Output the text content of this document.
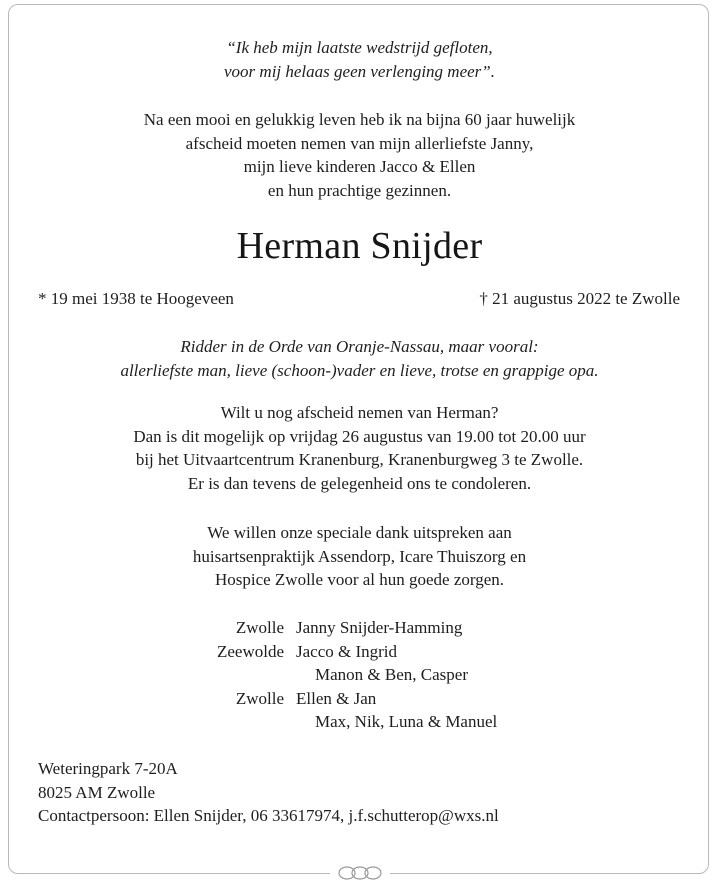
“Ik heb mijn laatste wedstrijd gefloten,
voor mij helaas geen verlenging meer”.
Na een mooi en gelukkig leven heb ik na bijna 60 jaar huwelijk
afscheid moeten nemen van mijn allerliefste Janny,
mijn lieve kinderen Jacco & Ellen
en hun prachtige gezinnen.
Herman Snijder
* 19 mei 1938 te Hoogeveen	† 21 augustus 2022 te Zwolle
Ridder in de Orde van Oranje-Nassau, maar vooral:
allerliefste man, lieve (schoon-)vader en lieve, trotse en grappige opa.
Wilt u nog afscheid nemen van Herman?
Dan is dit mogelijk op vrijdag 26 augustus van 19.00 tot 20.00 uur
bij het Uitvaartcentrum Kranenburg, Kranenburgweg 3 te Zwolle.
Er is dan tevens de gelegenheid ons te condoleren.
We willen onze speciale dank uitspreken aan
huisartsenpraktijk Assendorp, Icare Thuiszorg en
Hospice Zwolle voor al hun goede zorgen.
Zwolle Janny Snijder-Hamming
Zeewolde Jacco & Ingrid
Manon & Ben, Casper
Zwolle Ellen & Jan
Max, Nik, Luna & Manuel
Weteringpark 7-20A
8025 AM Zwolle
Contactpersoon: Ellen Snijder, 06 33617974, j.f.schutterop@wxs.nl
